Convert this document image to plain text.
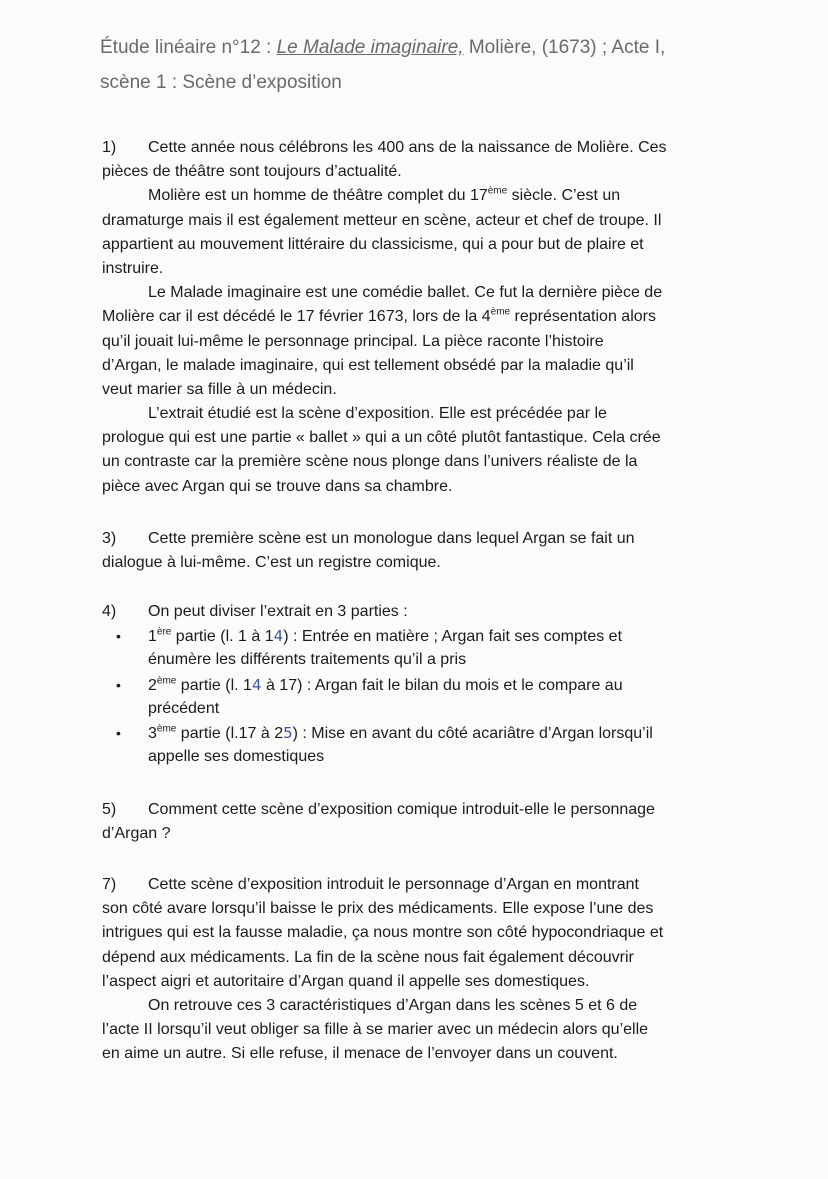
Étude linéaire n°12 : Le Malade imaginaire, Molière, (1673) ; Acte I,
scène 1 : Scène d’exposition
1) Cette année nous célébrons les 400 ans de la naissance de Molière. Ces
pièces de théâtre sont toujours d’actualité.
Molière est un homme de théâtre complet du 17ème siècle. C’est un
dramaturge mais il est également metteur en scène, acteur et chef de troupe. Il
appartient au mouvement littéraire du classicisme, qui a pour but de plaire et
instruire.
Le Malade imaginaire est une comédie ballet. Ce fut la dernière pièce de
Molière car il est décédé le 17 février 1673, lors de la 4ème représentation alors
qu’il jouait lui-même le personnage principal. La pièce raconte l’histoire
d’Argan, le malade imaginaire, qui est tellement obsédé par la maladie qu’il
veut marier sa fille à un médecin.
L’extrait étudié est la scène d’exposition. Elle est précédée par le
prologue qui est une partie « ballet » qui a un côté plutôt fantastique. Cela crée
un contraste car la première scène nous plonge dans l’univers réaliste de la
pièce avec Argan qui se trouve dans sa chambre.
3) Cette première scène est un monologue dans lequel Argan se fait un
dialogue à lui-même. C’est un registre comique.
4) On peut diviser l’extrait en 3 parties :
• 1ère partie (l. 1 à 14) : Entrée en matière ; Argan fait ses comptes et
énumère les différents traitements qu’il a pris
• 2ème partie (l. 14 à 17) : Argan fait le bilan du mois et le compare au
précédent
• 3ème partie (l.17 à 25) : Mise en avant du côté acariâtre d’Argan lorsqu’il
appelle ses domestiques
5) Comment cette scène d’exposition comique introduit-elle le personnage
d’Argan ?
7) Cette scène d’exposition introduit le personnage d’Argan en montrant
son côté avare lorsqu’il baisse le prix des médicaments. Elle expose l’une des
intrigues qui est la fausse maladie, ça nous montre son côté hypocondriaque et
dépend aux médicaments. La fin de la scène nous fait également découvrir
l’aspect aigri et autoritaire d’Argan quand il appelle ses domestiques.
On retrouve ces 3 caractéristiques d’Argan dans les scènes 5 et 6 de
l’acte II lorsqu’il veut obliger sa fille à se marier avec un médecin alors qu’elle
en aime un autre. Si elle refuse, il menace de l’envoyer dans un couvent.
